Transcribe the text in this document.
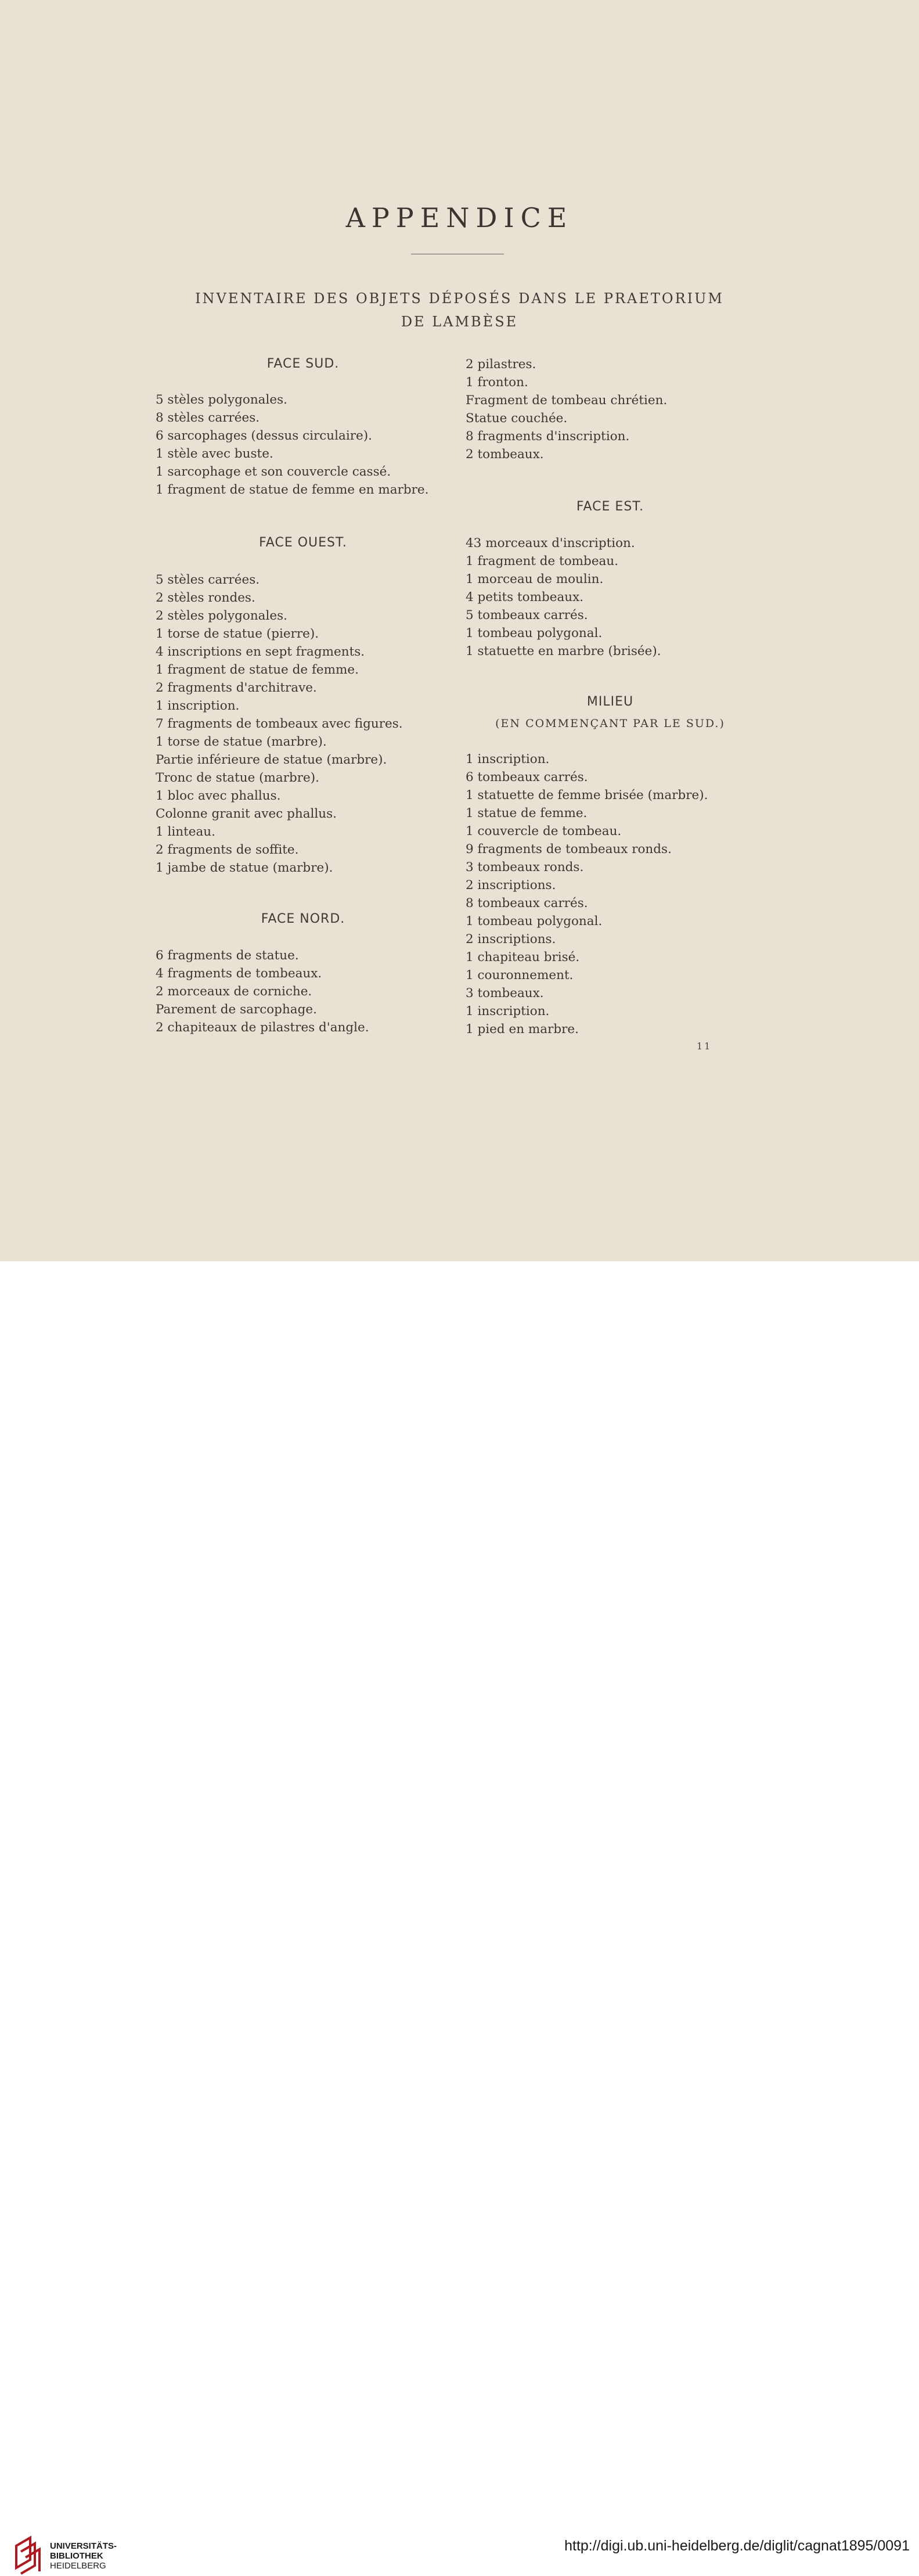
APPENDICE
INVENTAIRE DES OBJETS DÉPOSÉS DANS LE PRAETORIUM
DE LAMBÈSE
FACE SUD.
5 stèles polygonales.
8 stèles carrées.
6 sarcophages (dessus circulaire).
1 stèle avec buste.
1 sarcophage et son couvercle cassé.
1 fragment de statue de femme en marbre.
FACE OUEST.
5 stèles carrées.
2 stèles rondes.
2 stèles polygonales.
1 torse de statue (pierre).
4 inscriptions en sept fragments.
1 fragment de statue de femme.
2 fragments d'architrave.
1 inscription.
7 fragments de tombeaux avec figures.
1 torse de statue (marbre).
Partie inférieure de statue (marbre).
Tronc de statue (marbre).
1 bloc avec phallus.
Colonne granit avec phallus.
1 linteau.
2 fragments de soffite.
1 jambe de statue (marbre).
FACE NORD.
6 fragments de statue.
4 fragments de tombeaux.
2 morceaux de corniche.
Parement de sarcophage.
2 chapiteaux de pilastres d'angle.
2 pilastres.
1 fronton.
Fragment de tombeau chrétien.
Statue couchée.
8 fragments d'inscription.
2 tombeaux.
FACE EST.
43 morceaux d'inscription.
1 fragment de tombeau.
1 morceau de moulin.
4 petits tombeaux.
5 tombeaux carrés.
1 tombeau polygonal.
1 statuette en marbre (brisée).
MILIEU
(EN COMMENÇANT PAR LE SUD.)
1 inscription.
6 tombeaux carrés.
1 statuette de femme brisée (marbre).
1 statue de femme.
1 couvercle de tombeau.
9 fragments de tombeaux ronds.
3 tombeaux ronds.
2 inscriptions.
8 tombeaux carrés.
1 tombeau polygonal.
2 inscriptions.
1 chapiteau brisé.
1 couronnement.
3 tombeaux.
1 inscription.
1 pied en marbre.
11
UNIVERSITÄTS-
BIBLIOTHEK
HEIDELBERG
http://digi.ub.uni-heidelberg.de/diglit/cagnat1895/0091
